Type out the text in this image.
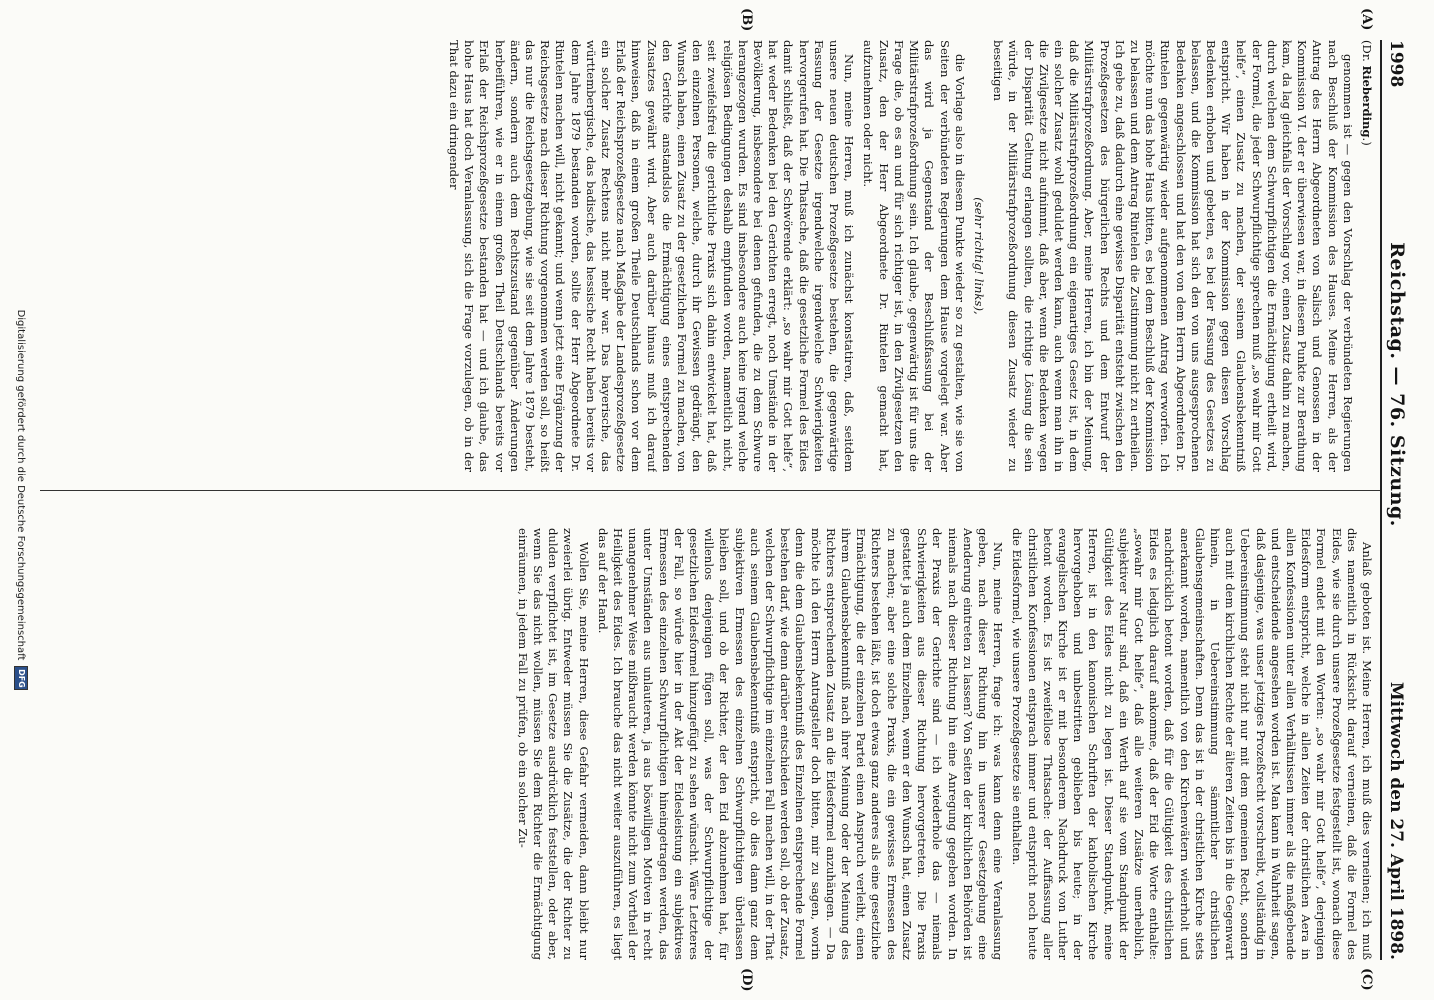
1998
Reichstag. — 76. Sitzung.
Mittwoch den 27. April 1898.
(A)
(B)
(C)
(D)

(Dr. Rieberding.)

genommen ist — gegen den Vorschlag der verbündeten Regierungen nach Beschluß der Kommission des Hauses. Meine Herren, als der Antrag des Herrn Abgeordneten von Salisch und Genossen in der Kommission VI. der er überwiesen war, in diesem Punkte zur Berathung kam, da lag gleichfalls der Vorschlag vor, einen Zusatz dahin zu machen, durch welchen dem Schwurpflichtigen die Ermächtigung ertheilt wird, der Formel, die jeder Schwurpflichtige sprechen muß „so wahr mir Gott helfe“, einen Zusatz zu machen, der seinem Glaubensbekenntniß entspricht. Wir haben in der Kommission gegen diesen Vorschlag Bedenken erhoben und gebeten, es bei der Fassung des Gesetzes zu belassen, und die Kommission hat sich den von uns ausgesprochenen Bedenken angeschlossen und hat den von dem Herrn Abgeordneten Dr. Rintelen gegenwärtig wieder aufgenommenen Antrag verworfen. Ich möchte nun das hohe Haus bitten, es bei dem Beschluß der Kommission zu belassen und dem Antrag Rintelen die Zustimmung nicht zu ertheilen. Ich gebe zu, daß dadurch eine gewisse Disparität entsteht zwischen den Prozeßgesetzen des bürgerlichen Rechts und dem Entwurf der Militärstrafprozeßordnung. Aber, meine Herren, ich bin der Meinung, daß die Militärstrafprozeßordnung ein eigenartiges Gesetz ist, in dem ein solcher Zusatz wohl geduldet werden kann, auch wenn man ihn in die Zivilgesetze nicht aufnimmt, daß aber, wenn die Bedenken wegen der Disparität Geltung erlangen sollten, die richtige Lösung die sein würde, in der Militärstrafprozeßordnung diesen Zusatz wieder zu beseitigen

(sehr richtig! links),

die Vorlage also in diesem Punkte wieder so zu gestalten, wie sie von Seiten der verbündeten Regierungen dem Hause vorgelegt war. Aber das wird ja Gegenstand der Beschlußfassung bei der Militärstrafprozeßordnung sein. Ich glaube, gegenwärtig ist für uns die Frage die, ob es an und für sich richtiger ist, in den Zivilgesetzen den Zusatz, den der Herr Abgeordnete Dr. Rintelen gemacht hat, aufzunehmen oder nicht.

Nun, meine Herren, muß ich zunächst konstatiren, daß, seitdem unsere neuen deutschen Prozeßgesetze bestehen, die gegenwärtige Fassung der Gesetze irgendwelche irgendwelche Schwierigkeiten hervorgerufen hat. Die Thatsache, daß die gesetzliche Formel des Eides damit schließt, daß der Schwörende erklärt: „so wahr mir Gott helfe“, hat weder Bedenken bei den Gerichten erregt, noch Umstände in der Bevölkerung, insbesondere bei denen gefunden, die zu dem Schwure herangezogen wurden. Es sind insbesondere auch keine irgend welche religiösen Bedingungen deshalb empfunden worden, namentlich nicht, seit zweifelsfrei die gerichtliche Praxis sich dahin entwickelt hat, daß den einzelnen Personen, welche, durch ihr Gewissen gedrängt, den Wunsch haben, einen Zusatz zu der gesetzlichen Formel zu machen, von den Gerichte anstandslos die Ermächtigung eines entsprechenden Zusatzes gewährt wird. Aber auch darüber hinaus muß ich darauf hinweisen, daß in einem großen Theile Deutschlands schon vor dem Erlaß der Reichsprozeßgesetze nach Maßgabe der Landesprozeßgesetze ein solcher Zusatz Rechtens nicht mehr war. Das bayerische, das württembergische, das badische, das hessische Recht haben bereits vor dem Jahre 1879 bestanden worden, sollte der Herr Abgeordnete Dr. Rintelen machen will, nicht gekannt; und wenn jetzt eine Ergänzung der Reichsgesetze nach dieser Richtung vorgenommen werden soll, so heißt das nur die Reichsgesetzgebung, wie sie seit dem Jahre 1879 besteht, ändern, sondern auch dem Rechtszustand gegenüber Änderungen herbeiführen, wie er in einem großen Theil Deutschlands bereits vor Erlaß der Reichsprozeßgesetze bestanden hat — und ich glaube, das hohe Haus hat doch Veranlassung, sich die Frage vorzulegen, ob in der That dazu ein dringender

Anlaß geboten ist. Meine Herren, ich muß dies verneinen; ich muß dies namentlich in Rücksicht darauf verneinen, daß die Formel des Eides, wie sie durch unsere Prozeßgesetze festgestellt ist, wonach diese Formel endet mit den Worten: „so wahr mir Gott helfe“, derjenigen Eidesform entspricht, welche in allen Zeiten der christlichen Aera in allen Konfessionen unter allen Verhältnissen immer als die maßgebende und entscheidende angesehen worden ist. Man kann in Wahrheit sagen, daß dasjenige, was unser jetziges Prozeßrecht vorschreibt, vollständig in Uebereinstimmung steht nicht nur mit dem gemeinen Recht, sondern auch mit dem kirchlichen Rechte der älteren Zeiten bis in die Gegenwart hinein, in Uebereinstimmung sämmtlicher christlichen Glaubensgemeinschaften. Denn das ist in der christlichen Kirche stets anerkannt worden, namentlich von den Kirchenvätern wiederholt und nachdrücklich betont worden, daß für die Gültigkeit des christlichen Eides es lediglich darauf ankomme, daß der Eid die Worte enthalte: „sowahr mir Gott helfe“, daß alle weiteren Zusätze unerheblich, subjektiver Natur sind, daß ein Werth auf sie vom Standpunkt der Gültigkeit des Eides nicht zu legen ist. Dieser Standpunkt, meine Herren, ist in den kanonischen Schriften der katholischen Kirche hervorgehoben und unbestritten geblieben bis heute; in der evangelischen Kirche ist er mit besonderem Nachdruck von Luther betont worden. Es ist zweifellose Thatsache: der Auffassung aller christlichen Konfessionen entsprach immer und entspricht noch heute die Eidesformel, wie unsere Prozeßgesetze sie enthalten.

Nun, meine Herren, frage ich: was kann denn eine Veranlassung geben, nach dieser Richtung hin in unserer Gesetzgebung eine Aenderung eintreten zu lassen? Von Seiten der kirchlichen Behörden ist niemals nach dieser Richtung hin eine Anregung gegeben worden. In der Praxis der Gerichte sind — ich wiederhole das — niemals Schwierigkeiten aus dieser Richtung hervorgetreten. Die Praxis gestattet ja auch dem Einzelnen, wenn er den Wunsch hat, einen Zusatz zu machen; aber eine solche Praxis, die ein gewisses Ermessen des Richters bestehen läßt, ist doch etwas ganz anderes als eine gesetzliche Ermächtigung, die der einzelnen Partei einen Anspruch verleiht, einen ihrem Glaubensbekenntniß nach ihrer Meinung oder der Meinung des Richters entsprechenden Zusatz an die Eidesformel anzuhängen. — Da möchte ich den Herrn Antragsteller doch bitten, mir zu sagen, worin denn die dem Glaubensbekenntniß des Einzelnen entsprechende Formel bestehen darf, wie denn darüber entschieden werden soll, ob der Zusatz, welchen der Schwurpflichtige im einzelnen Fall machen will, in der That auch seinem Glaubensbekenntniß entspricht, ob dies dann ganz dem subjektiven Ermessen des einzelnen Schwurpflichtigen überlassen bleiben soll, und ob der Richter, der den Eid abzunehmen hat, für willenlos denjenigen fügen soll, was der Schwurpflichtige der gesetzlichen Eidesformel hinzugefügt zu sehen wünscht. Wäre Letzteres der Fall, so würde hier in der Akt der Eidesleistung ein subjektives Ermessen des einzelnen Schwurpflichtigen hineingetragen werden, das unter Umständen aus unlauteren, ja aus böswilligen Motiven in recht unangenehmer Weise mißbraucht werden könnte nicht zum Vortheil der Heiligkeit des Eides. Ich brauche das nicht weiter auszuführen, es liegt das auf der Hand.

Wollen Sie, meine Herren, diese Gefahr vermeiden, dann bleibt nur zweierlei übrig. Entweder müssen Sie die Zusätze, die der Richter zu dulden verpflichtet ist, im Gesetze ausdrücklich feststellen, oder aber, wenn Sie das nicht wollen, müssen Sie dem Richter die Ermächtigung einräumen, in jedem Fall zu prüfen, ob ein solcher Zu-

Digitalisierung gefördert durch die Deutsche Forschungsgemeinschaft
DFG
